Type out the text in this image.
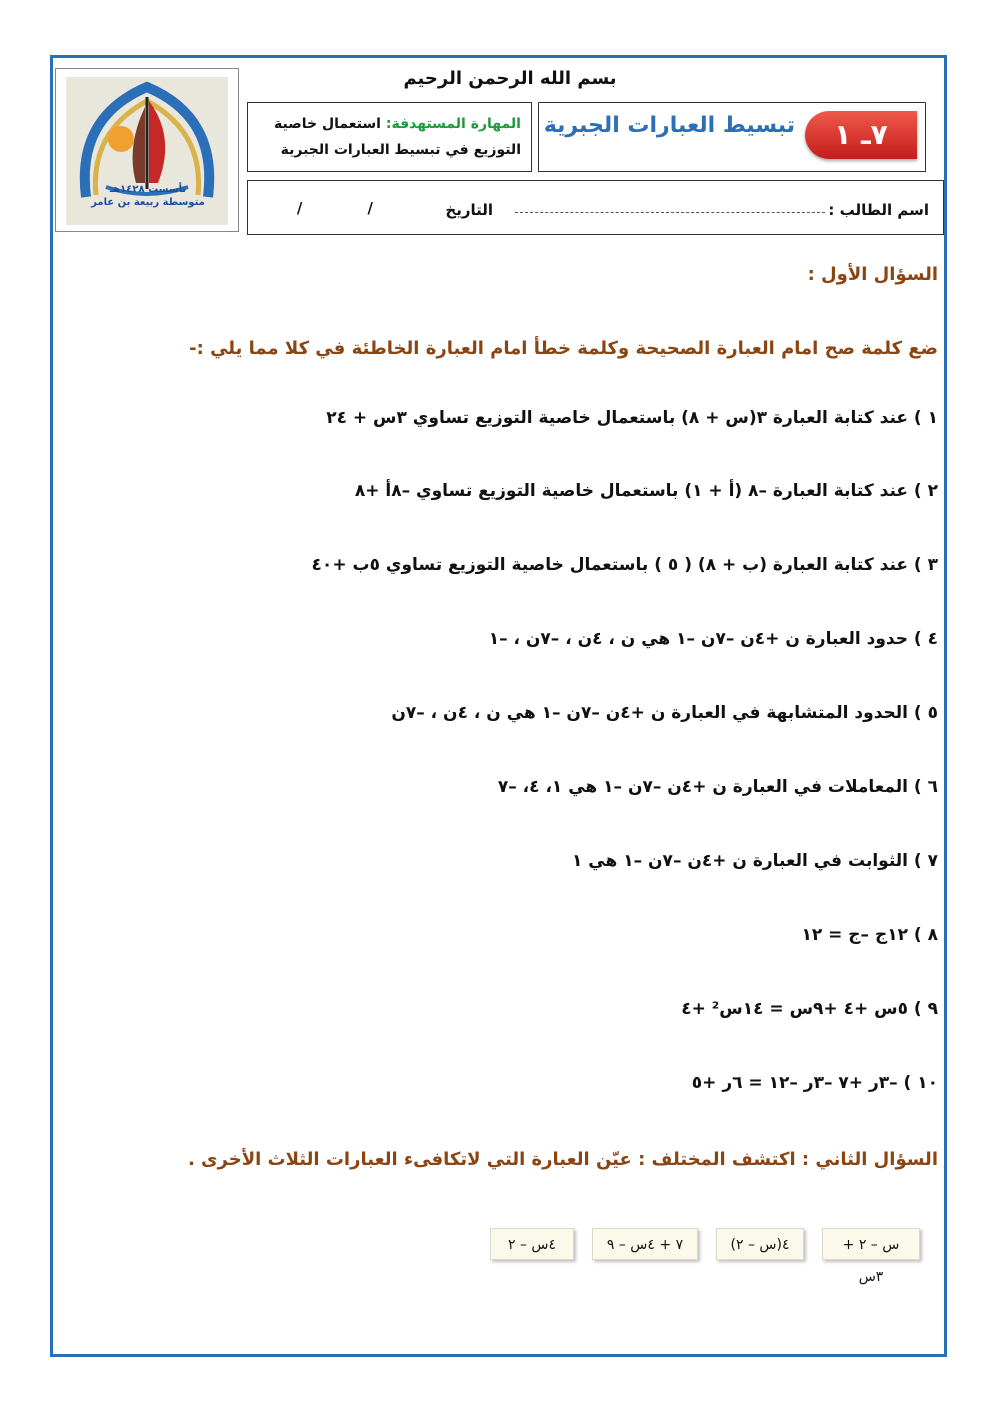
تأسست ١٤٢٨هـ
متوسطة ربيعة بن عامر
بسم الله الرحمن الرحيم
المهارة المستهدفة: استعمال خاصية التوزيع في تبسيط العبارات الجبرية	٧ـ ١
تبسيط العبارات الجبرية
اسم الطالب :
التاريخ
/ /
السؤال الأول :
ضع كلمة صح امام العبارة الصحيحة وكلمة خطأ امام العبارة الخاطئة في كلا مما يلي :-
١ ) عند كتابة العبارة ٣(س + ٨) باستعمال خاصية التوزيع تساوي ٣س + ٢٤
٢ ) عند كتابة العبارة –٨ (أ + ١) باستعمال خاصية التوزيع تساوي –٨أ +٨
٣ ) عند كتابة العبارة (ب + ٨) ( ٥ ) باستعمال خاصية التوزيع تساوي ٥ب +٤٠
٤ ) حدود العبارة ن +٤ن –٧ن –١ هي ن ، ٤ن ، –٧ن ، –١
٥ ) الحدود المتشابهة في العبارة ن +٤ن –٧ن –١ هي ن ، ٤ن ، –٧ن
٦ ) المعاملات في العبارة ن +٤ن –٧ن –١ هي ١، ٤، –٧
٧ ) الثوابت في العبارة ن +٤ن –٧ن –١ هي ١
٨ ) ١٢ج –ج = ١٢
٩ ) ٥س +٤ +٩س = ١٤س² +٤
١٠ ) –٣ر +٧ –٣ر –١٢ = ٦ر +٥
السؤال الثاني : اكتشف المختلف : عيّن العبارة التي لاتكافىء العبارات الثلاث الأخرى .
س – ٢ + ٣س
٤(س – ٢)
٧ + ٤س – ٩
٤س – ٢
